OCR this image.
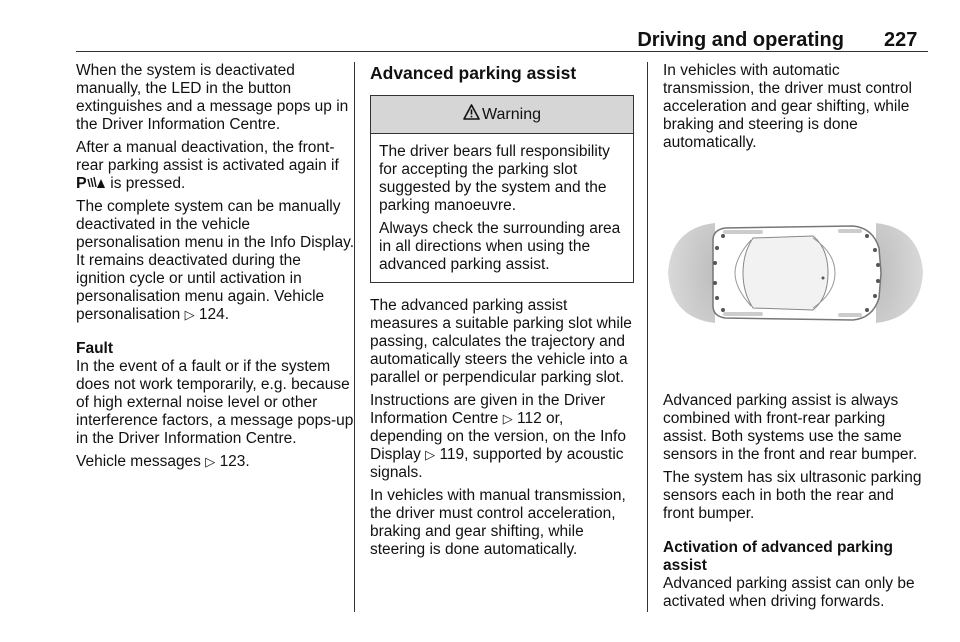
Driving and operating 227

When the system is deactivated manually, the LED in the button extinguishes and a message pops up in the Driver Information Centre.

After a manual deactivation, the front-rear parking assist is activated again if
P is pressed.

The complete system can be manually deactivated in the vehicle personalisation menu in the Info Display. It remains deactivated during the ignition cycle or until activation in personalisation menu again. Vehicle personalisation ▷ 124.

Fault

In the event of a fault or if the system does not work temporarily, e.g. because of high external noise level or other interference factors, a message pops-up in the Driver Information Centre.

Vehicle messages ▷ 123.

Advanced parking assist
Warning

The driver bears full responsibility for accepting the parking slot suggested by the system and the parking manoeuvre.

Always check the surrounding area in all directions when using the advanced parking assist.

The advanced parking assist measures a suitable parking slot while passing, calculates the trajectory and automatically steers the vehicle into a parallel or perpendicular parking slot.

Instructions are given in the Driver Information Centre ▷ 112 or, depending on the version, on the Info Display ▷ 119, supported by acoustic signals.

In vehicles with manual transmission, the driver must control acceleration, braking and gear shifting, while steering is done automatically.

In vehicles with automatic transmission, the driver must control acceleration and gear shifting, while braking and steering is done automatically.

Advanced parking assist is always combined with front-rear parking assist. Both systems use the same sensors in the front and rear bumper.

The system has six ultrasonic parking sensors each in both the rear and front bumper.

Activation of advanced parking assist

Advanced parking assist can only be activated when driving forwards.
